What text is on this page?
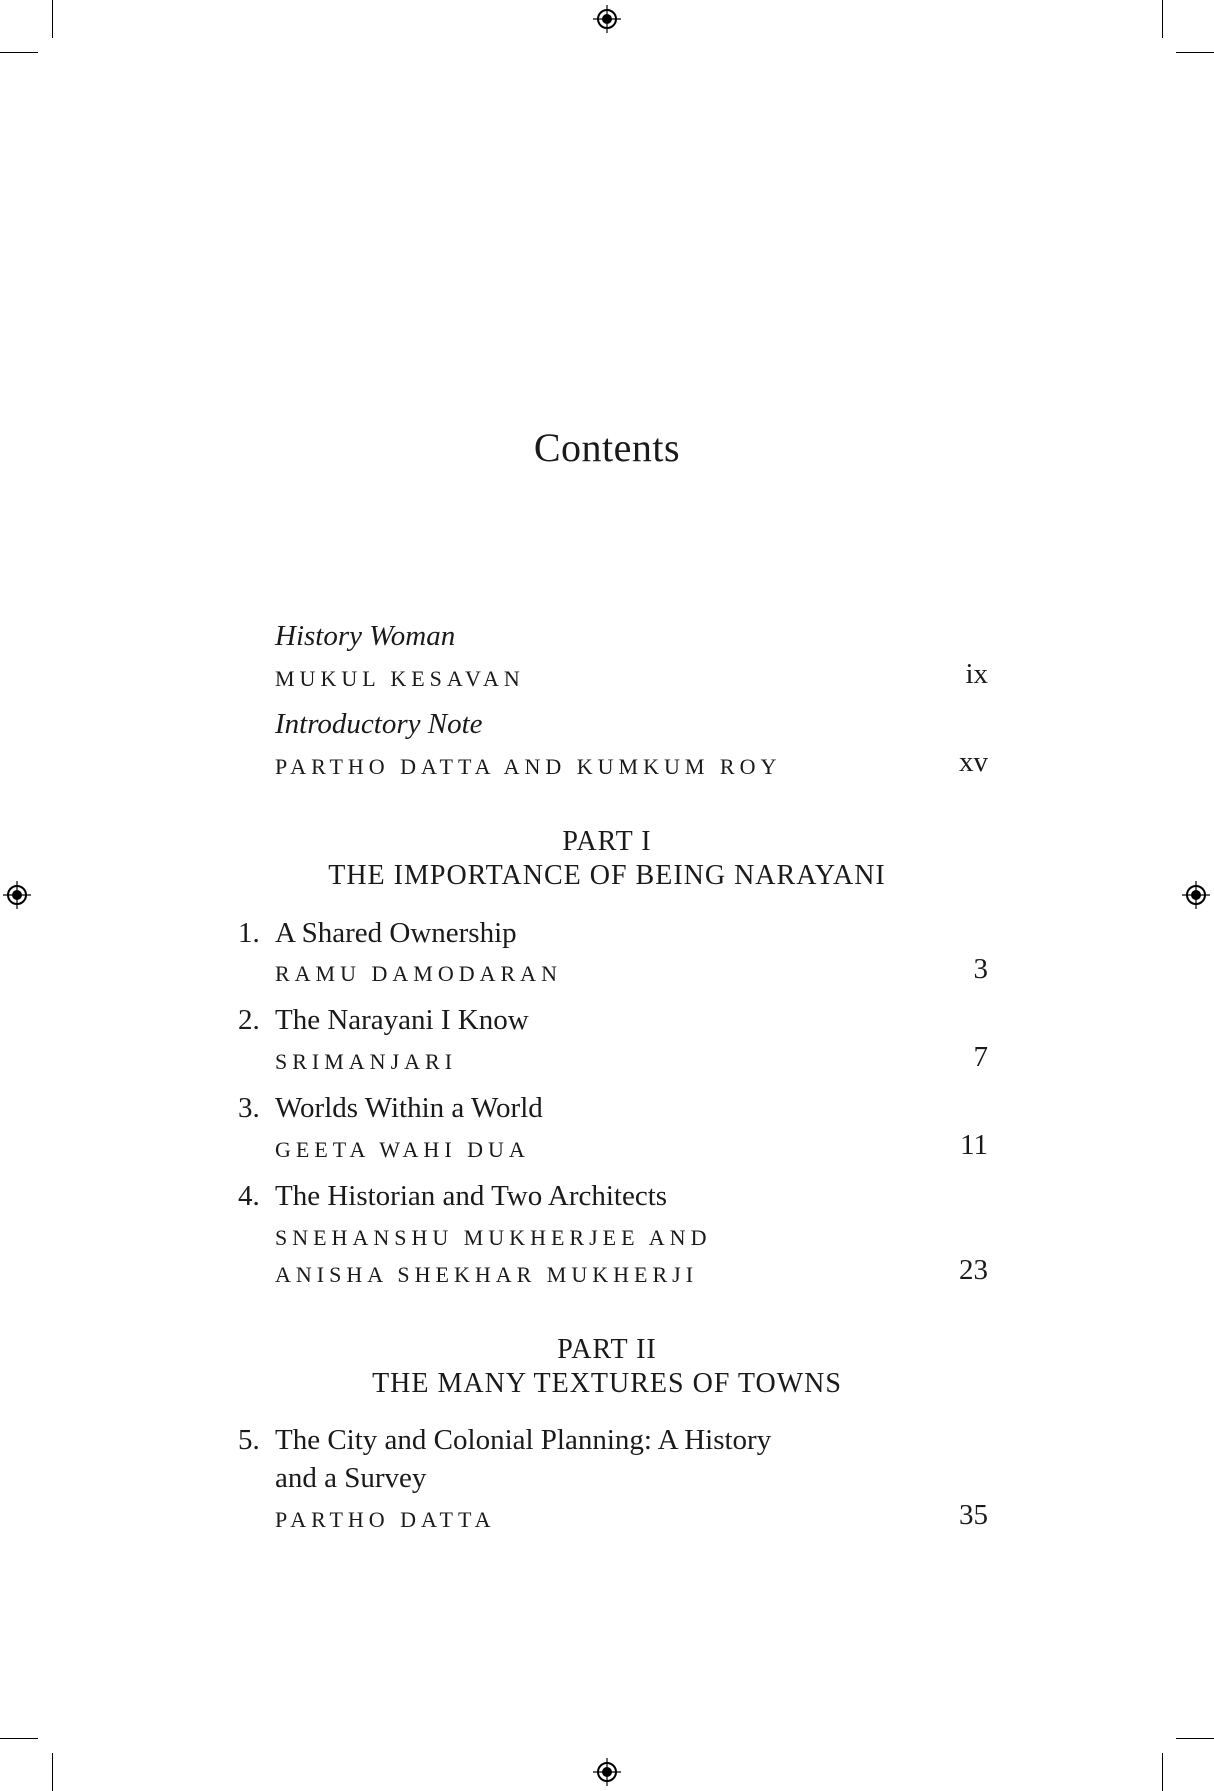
Contents
History Woman
MUKUL KESAVAN	ix
Introductory Note
PARTHO DATTA AND KUMKUM ROY	xv
PART I
THE IMPORTANCE OF BEING NARAYANI
1. A Shared Ownership
RAMU DAMODARAN	3
2. The Narayani I Know
SRIMANJARI	7
3. Worlds Within a World
GEETA WAHI DUA	11
4. The Historian and Two Architects
SNEHANSHU MUKHERJEE AND
ANISHA SHEKHAR MUKHERJI	23
PART II
THE MANY TEXTURES OF TOWNS
5. The City and Colonial Planning: A History
and a Survey
PARTHO DATTA	35
